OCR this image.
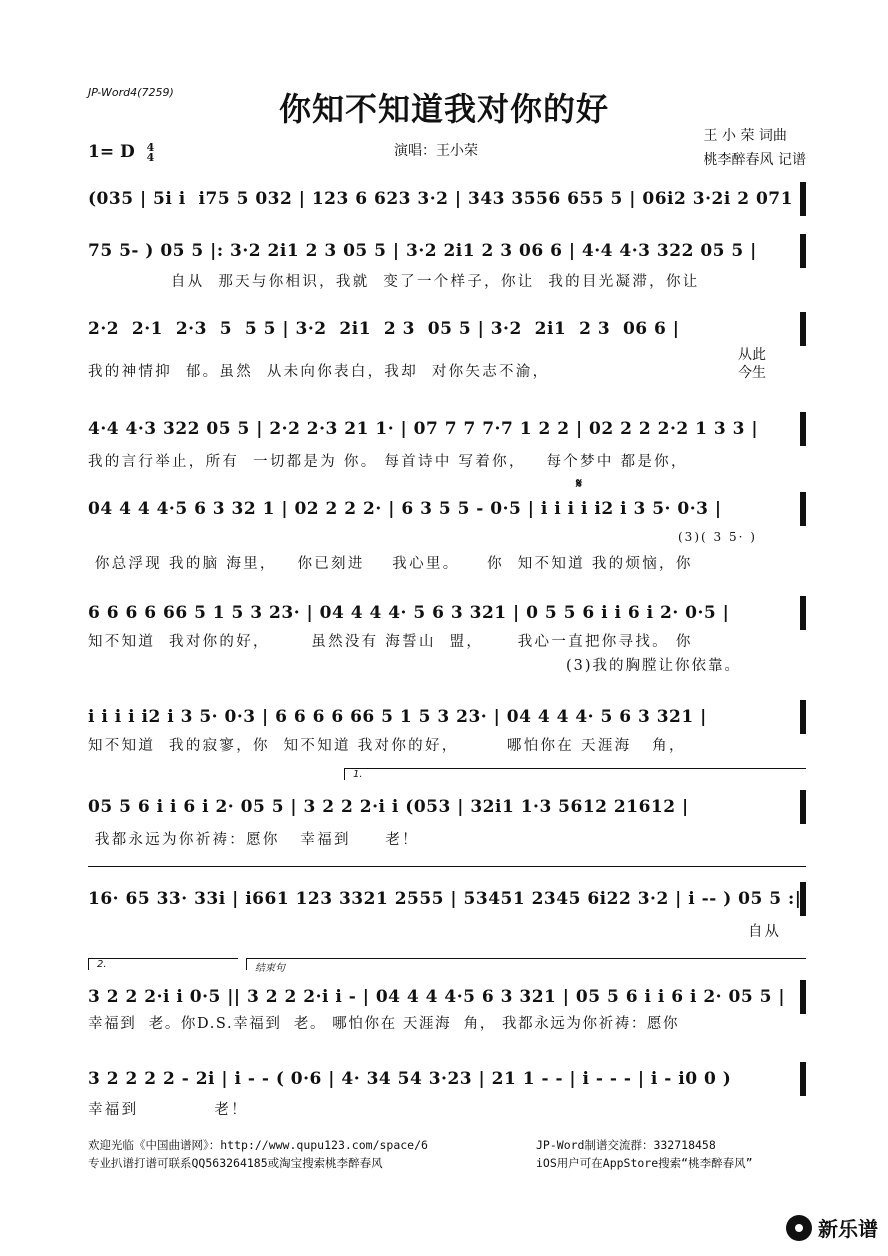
JP-Word4(7259)	你知不知道我对你的好
王 小 荣 词曲
桃李醉春风 记谱
1= D 4
4	演唱：王小荣
(035 | 5i i  i75 5 032 | 123 6 623 3·2 | 343 3556 655 5 | 06i2 3·2i 2 071 |
75 5- ) 05 5 |: 3·2 2i1 2 3 05 5 | 3·2 2i1 2 3 06 6 | 4·4 4·3 322 05 5 |
自从  那天与你相识，我就  变了一个样子，你让  我的目光凝滞，你让
2·2  2·1  2·3  5  5 5 | 3·2  2i1  2 3  05 5 | 3·2  2i1  2 3  06 6 |
我的神情抑  郁。虽然  从未向你表白，我却  对你矢志不渝，
从此
今生
4·4 4·3 322 05 5 | 2·2 2·3 21 1· | 07 7 7 7·7 1 2 2 | 02 2 2 2·2 1 3 3 |
我的言行举止，所有  一切都是为 你。 每首诗中 写着你，   每个梦中 都是你，
𝄋
04 4 4 4·5 6 3 32 1 | 02 2 2 2· | 6 3 5 5 - 0·5 | i i i i i2 i 3 5· 0·3 |
(3)( 3 5· )
你总浮现 我的脑 海里，   你已刻进    我心里。    你  知不知道 我的烦恼，你
6 6 6 6 66 5 1 5 3 23· | 04 4 4 4· 5 6 3 321 | 0 5 5 6 i i 6 i 2· 0·5 |
知不知道  我对你的好，      虽然没有 海誓山  盟，     我心一直把你寻找。 你
(3)我的胸膛让你依靠。
i i i i i2 i 3 5· 0·3 | 6 6 6 6 66 5 1 5 3 23· | 04 4 4 4· 5 6 3 321 |
知不知道  我的寂寥，你  知不知道 我对你的好，       哪怕你在 天涯海   角，
1.
05 5 6 i i 6 i 2· 05 5 | 3 2 2 2·i i (053 | 32i1 1·3 5612 21612 |
我都永远为你祈祷：愿你   幸福到     老！
16· 65 33· 33i | i661 123 3321 2555 | 53451 2345 6i22 3·2 | i -- ) 05 5 :|
自从
2.	结束句
3 2 2 2·i i 0·5 || 3 2 2 2·i i - | 04 4 4 4·5 6 3 321 | 05 5 6 i i 6 i 2· 05 5 |
幸福到  老。你D.S.幸福到  老。 哪怕你在 天涯海  角， 我都永远为你祈祷：愿你
3 2 2 2 2 - 2i | i - - ( 0·6 | 4· 34 54 3·23 | 21 1 - - | i - - - | i - i0 0 )
幸福到           老！
欢迎光临《中国曲谱网》：http://www.qupu123.com/space/6
专业扒谱打谱可联系QQ563264185或淘宝搜索桃李醉春风
JP-Word制谱交流群：332718458
iOS用户可在AppStore搜索“桃李醉春风”
新乐谱
